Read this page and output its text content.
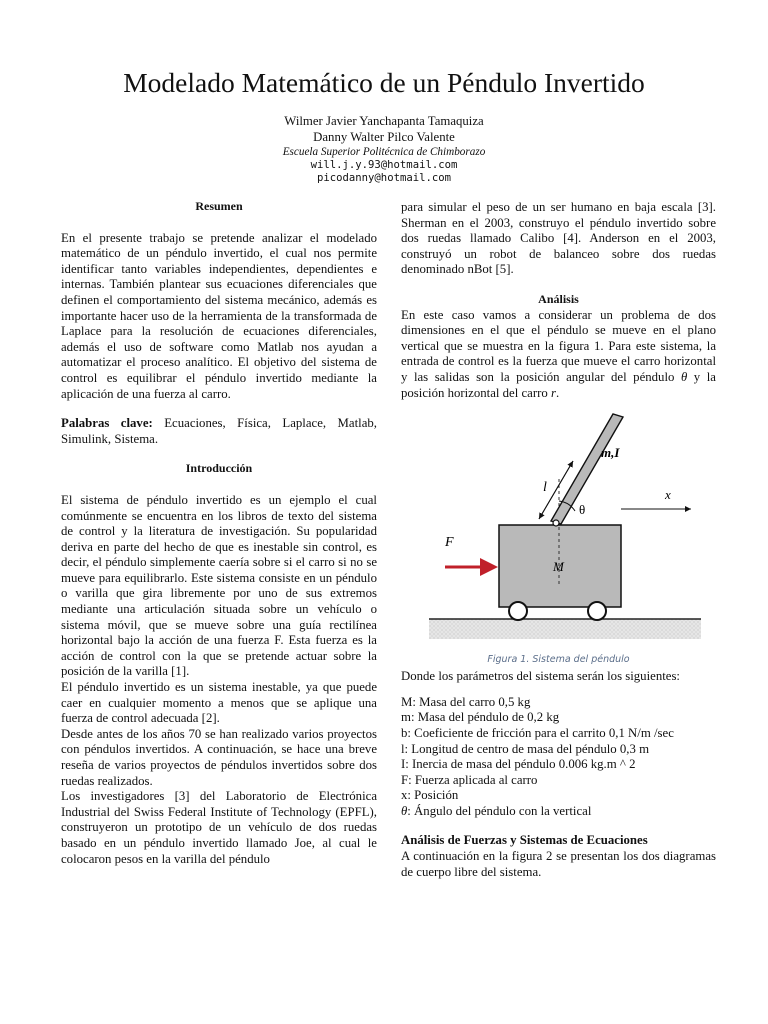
Modelado Matemático de un Péndulo Invertido
Wilmer Javier Yanchapanta Tamaquiza
Danny Walter Pilco Valente
Escuela Superior Politécnica de Chimborazo
will.j.y.93@hotmail.com
picodanny@hotmail.com
Resumen

En el presente trabajo se pretende analizar el modelado matemático de un péndulo invertido, el cual nos permite identificar tanto variables independientes, dependientes e internas. También plantear sus ecuaciones diferenciales que definen el comportamiento del sistema mecánico, además es importante hacer uso de la herramienta de la transformada de Laplace para la resolución de ecuaciones diferenciales, además el uso de software como Matlab nos ayudan a automatizar el proceso analítico. El objetivo del sistema de control es equilibrar el péndulo invertido mediante la aplicación de una fuerza al carro.

Palabras clave: Ecuaciones, Física, Laplace, Matlab, Simulink, Sistema.

Introducción

El sistema de péndulo invertido es un ejemplo el cual comúnmente se encuentra en los libros de texto del sistema de control y la literatura de investigación. Su popularidad deriva en parte del hecho de que es inestable sin control, es decir, el péndulo simplemente caería sobre si el carro si no se mueve para equilibrarlo. Este sistema consiste en un péndulo o varilla que gira libremente por uno de sus extremos mediante una articulación situada sobre un vehículo o sistema móvil, que se mueve sobre una guía rectilínea horizontal bajo la acción de una fuerza F. Esta fuerza es la acción de control con la que se pretende actuar sobre la posición de la varilla [1].

El péndulo invertido es un sistema inestable, ya que puede caer en cualquier momento a menos que se aplique una fuerza de control adecuada [2].

Desde antes de los años 70 se han realizado varios proyectos con péndulos invertidos. A continuación, se hace una breve reseña de varios proyectos de péndulos invertidos sobre dos ruedas realizados.

Los investigadores [3] del Laboratorio de Electrónica Industrial del Swiss Federal Institute of Technology (EPFL), construyeron un prototipo de un vehículo de dos ruedas basado en un péndulo invertido llamado Joe, al cual le colocaron pesos en la varilla del péndulo

para simular el peso de un ser humano en baja escala [3]. Sherman en el 2003, construyo el péndulo invertido sobre dos ruedas llamado Calibo [4]. Anderson en el 2003, construyó un robot de balanceo sobre dos ruedas denominado nBot [5].

Análisis

En este caso vamos a considerar un problema de dos dimensiones en el que el péndulo se mueve en el plano vertical que se muestra en la figura 1. Para este sistema, la entrada de control es la fuerza que mueve el carro horizontal y las salidas son la posición angular del péndulo θ y la posición horizontal del carro r.

F
θ
l
m,I
x
M
Figura 1. Sistema del péndulo

Donde los parámetros del sistema serán los siguientes:

M: Masa del carro 0,5 kg

m: Masa del péndulo de 0,2 kg

b: Coeficiente de fricción para el carrito 0,1 N/m /sec

l: Longitud de centro de masa del péndulo 0,3 m

I: Inercia de masa del péndulo 0.006 kg.m ^ 2

F: Fuerza aplicada al carro

x: Posición

θ: Ángulo del péndulo con la vertical

Análisis de Fuerzas y Sistemas de Ecuaciones

A continuación en la figura 2 se presentan los dos diagramas de cuerpo libre del sistema.
